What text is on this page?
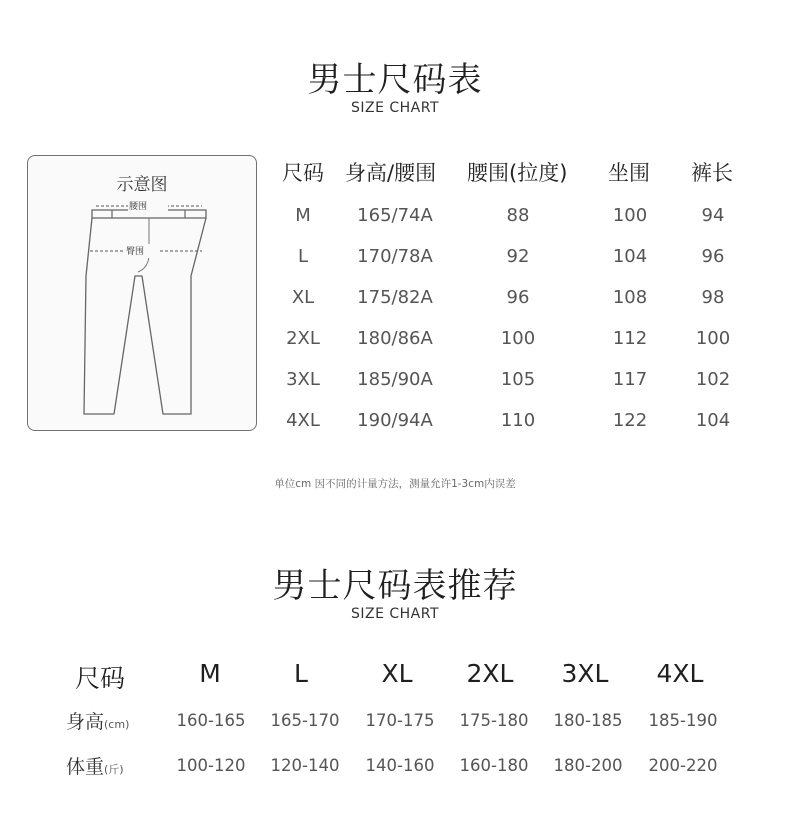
男士尺码表
SIZE CHART
示意图
腰围
臀围
尺码 身高/腰围 腰围(拉度) 坐围 裤长
M	165/74A	88	100	94
L	170/78A	92	104	96
XL	175/82A	96	108	98
2XL	180/86A	100	112	100
3XL	185/90A	105	117	102
4XL	190/94A	110	122	104
单位cm 因不同的计量方法，测量允许1-3cm内误差
男士尺码表推荐
SIZE CHART
尺码	M	L	XL	2XL	3XL	4XL
身高(cm)	160-165	165-170	170-175	175-180	180-185	185-190
体重(斤)	100-120	120-140	140-160	160-180	180-200	200-220
